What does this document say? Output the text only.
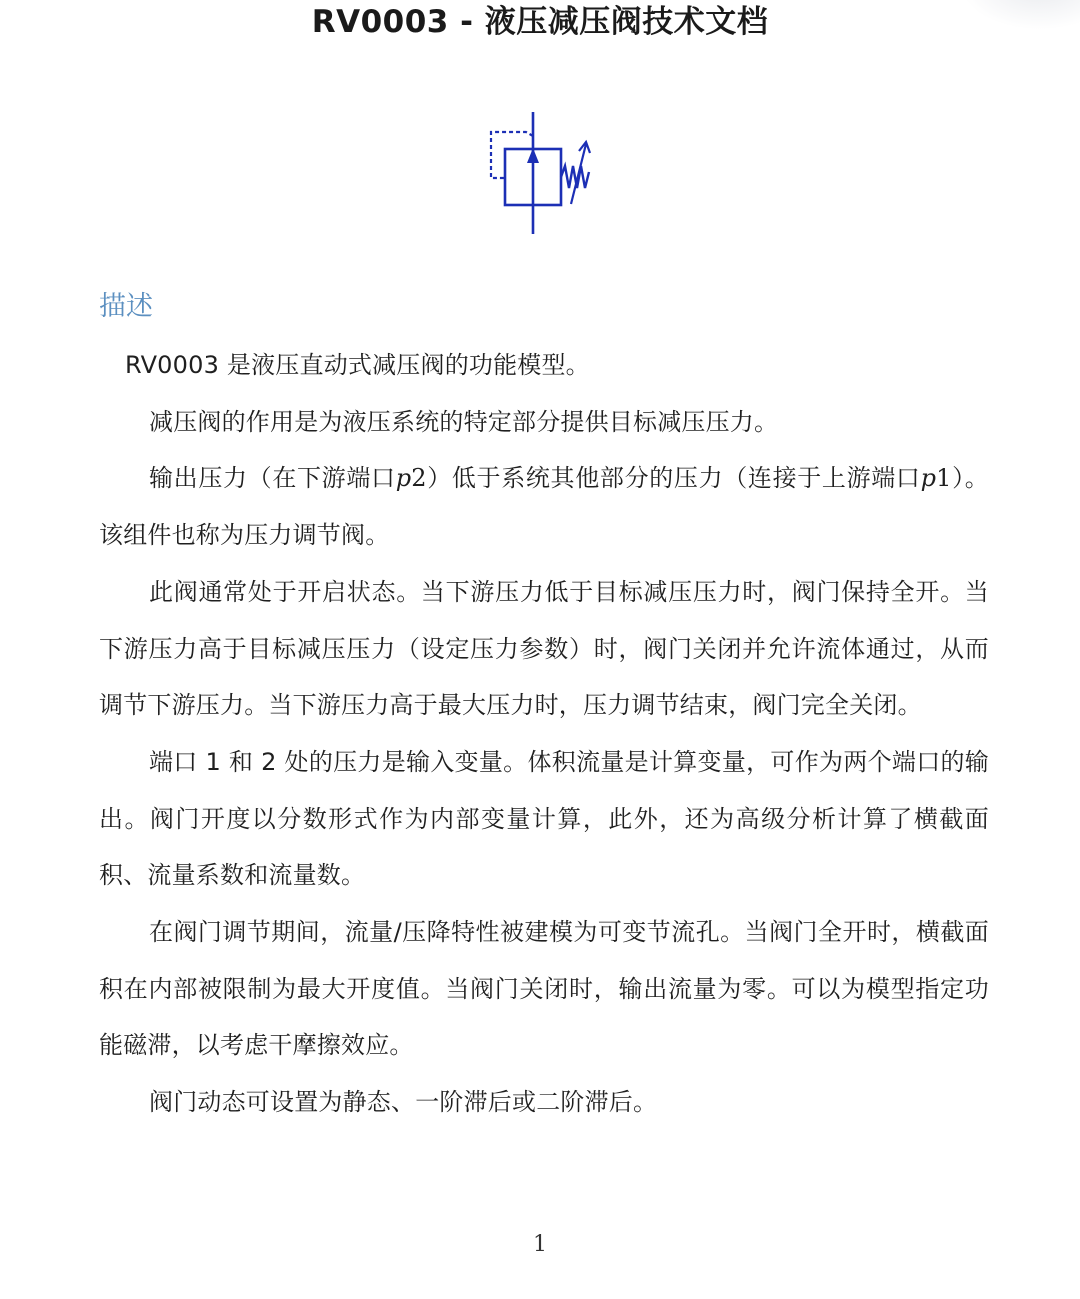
RV0003 - 液压减压阀技术文档
描述

RV0003 是液压直动式减压阀的功能模型。

减压阀的作用是为液压系统的特定部分提供目标减压压力。

输出压力（在下游端口p2）低于系统其他部分的压力（连接于上游端口p1）。该组件也称为压力调节阀。

此阀通常处于开启状态。当下游压力低于目标减压压力时，阀门保持全开。当下游压力高于目标减压压力（设定压力参数）时，阀门关闭并允许流体通过，从而调节下游压力。当下游压力高于最大压力时，压力调节结束，阀门完全关闭。

端口 1 和 2 处的压力是输入变量。体积流量是计算变量，可作为两个端口的输出。阀门开度以分数形式作为内部变量计算，此外，还为高级分析计算了横截面积、流量系数和流量数。

在阀门调节期间，流量/压降特性被建模为可变节流孔。当阀门全开时，横截面积在内部被限制为最大开度值。当阀门关闭时，输出流量为零。可以为模型指定功能磁滞，以考虑干摩擦效应。

阀门动态可设置为静态、一阶滞后或二阶滞后。

1
